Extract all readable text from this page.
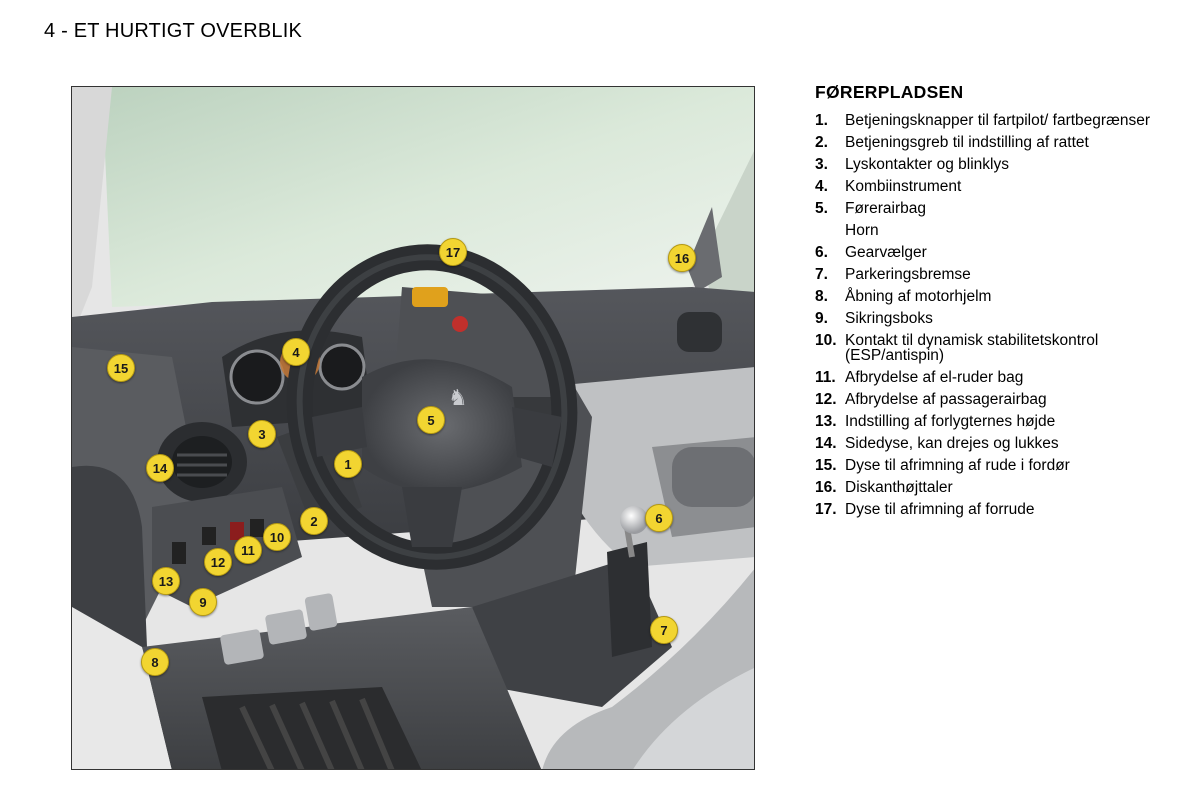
4 - ET HURTIGT OVERBLIK
♞
1
2
3
4
5
6
7
8
9
10
11
12
13
14
15
16
17
FØRERPLADSEN
1.	Betjeningsknapper til fartpilot/ fartbegrænser
2.	Betjeningsgreb til indstilling af rattet
3.	Lyskontakter og blinklys
4.	Kombiinstrument
5.	Førerairbag
Horn
6.	Gearvælger
7.	Parkeringsbremse
8.	Åbning af motorhjelm
9.	Sikringsboks
10. Kontakt til dynamisk stabilitetskontrol (ESP/antispin)
11. Afbrydelse af el-ruder bag
12. Afbrydelse af passagerairbag
13. Indstilling af forlygternes højde
14. Sidedyse, kan drejes og lukkes
15. Dyse til afrimning af rude i fordør
16. Diskanthøjttaler
17. Dyse til afrimning af forrude
